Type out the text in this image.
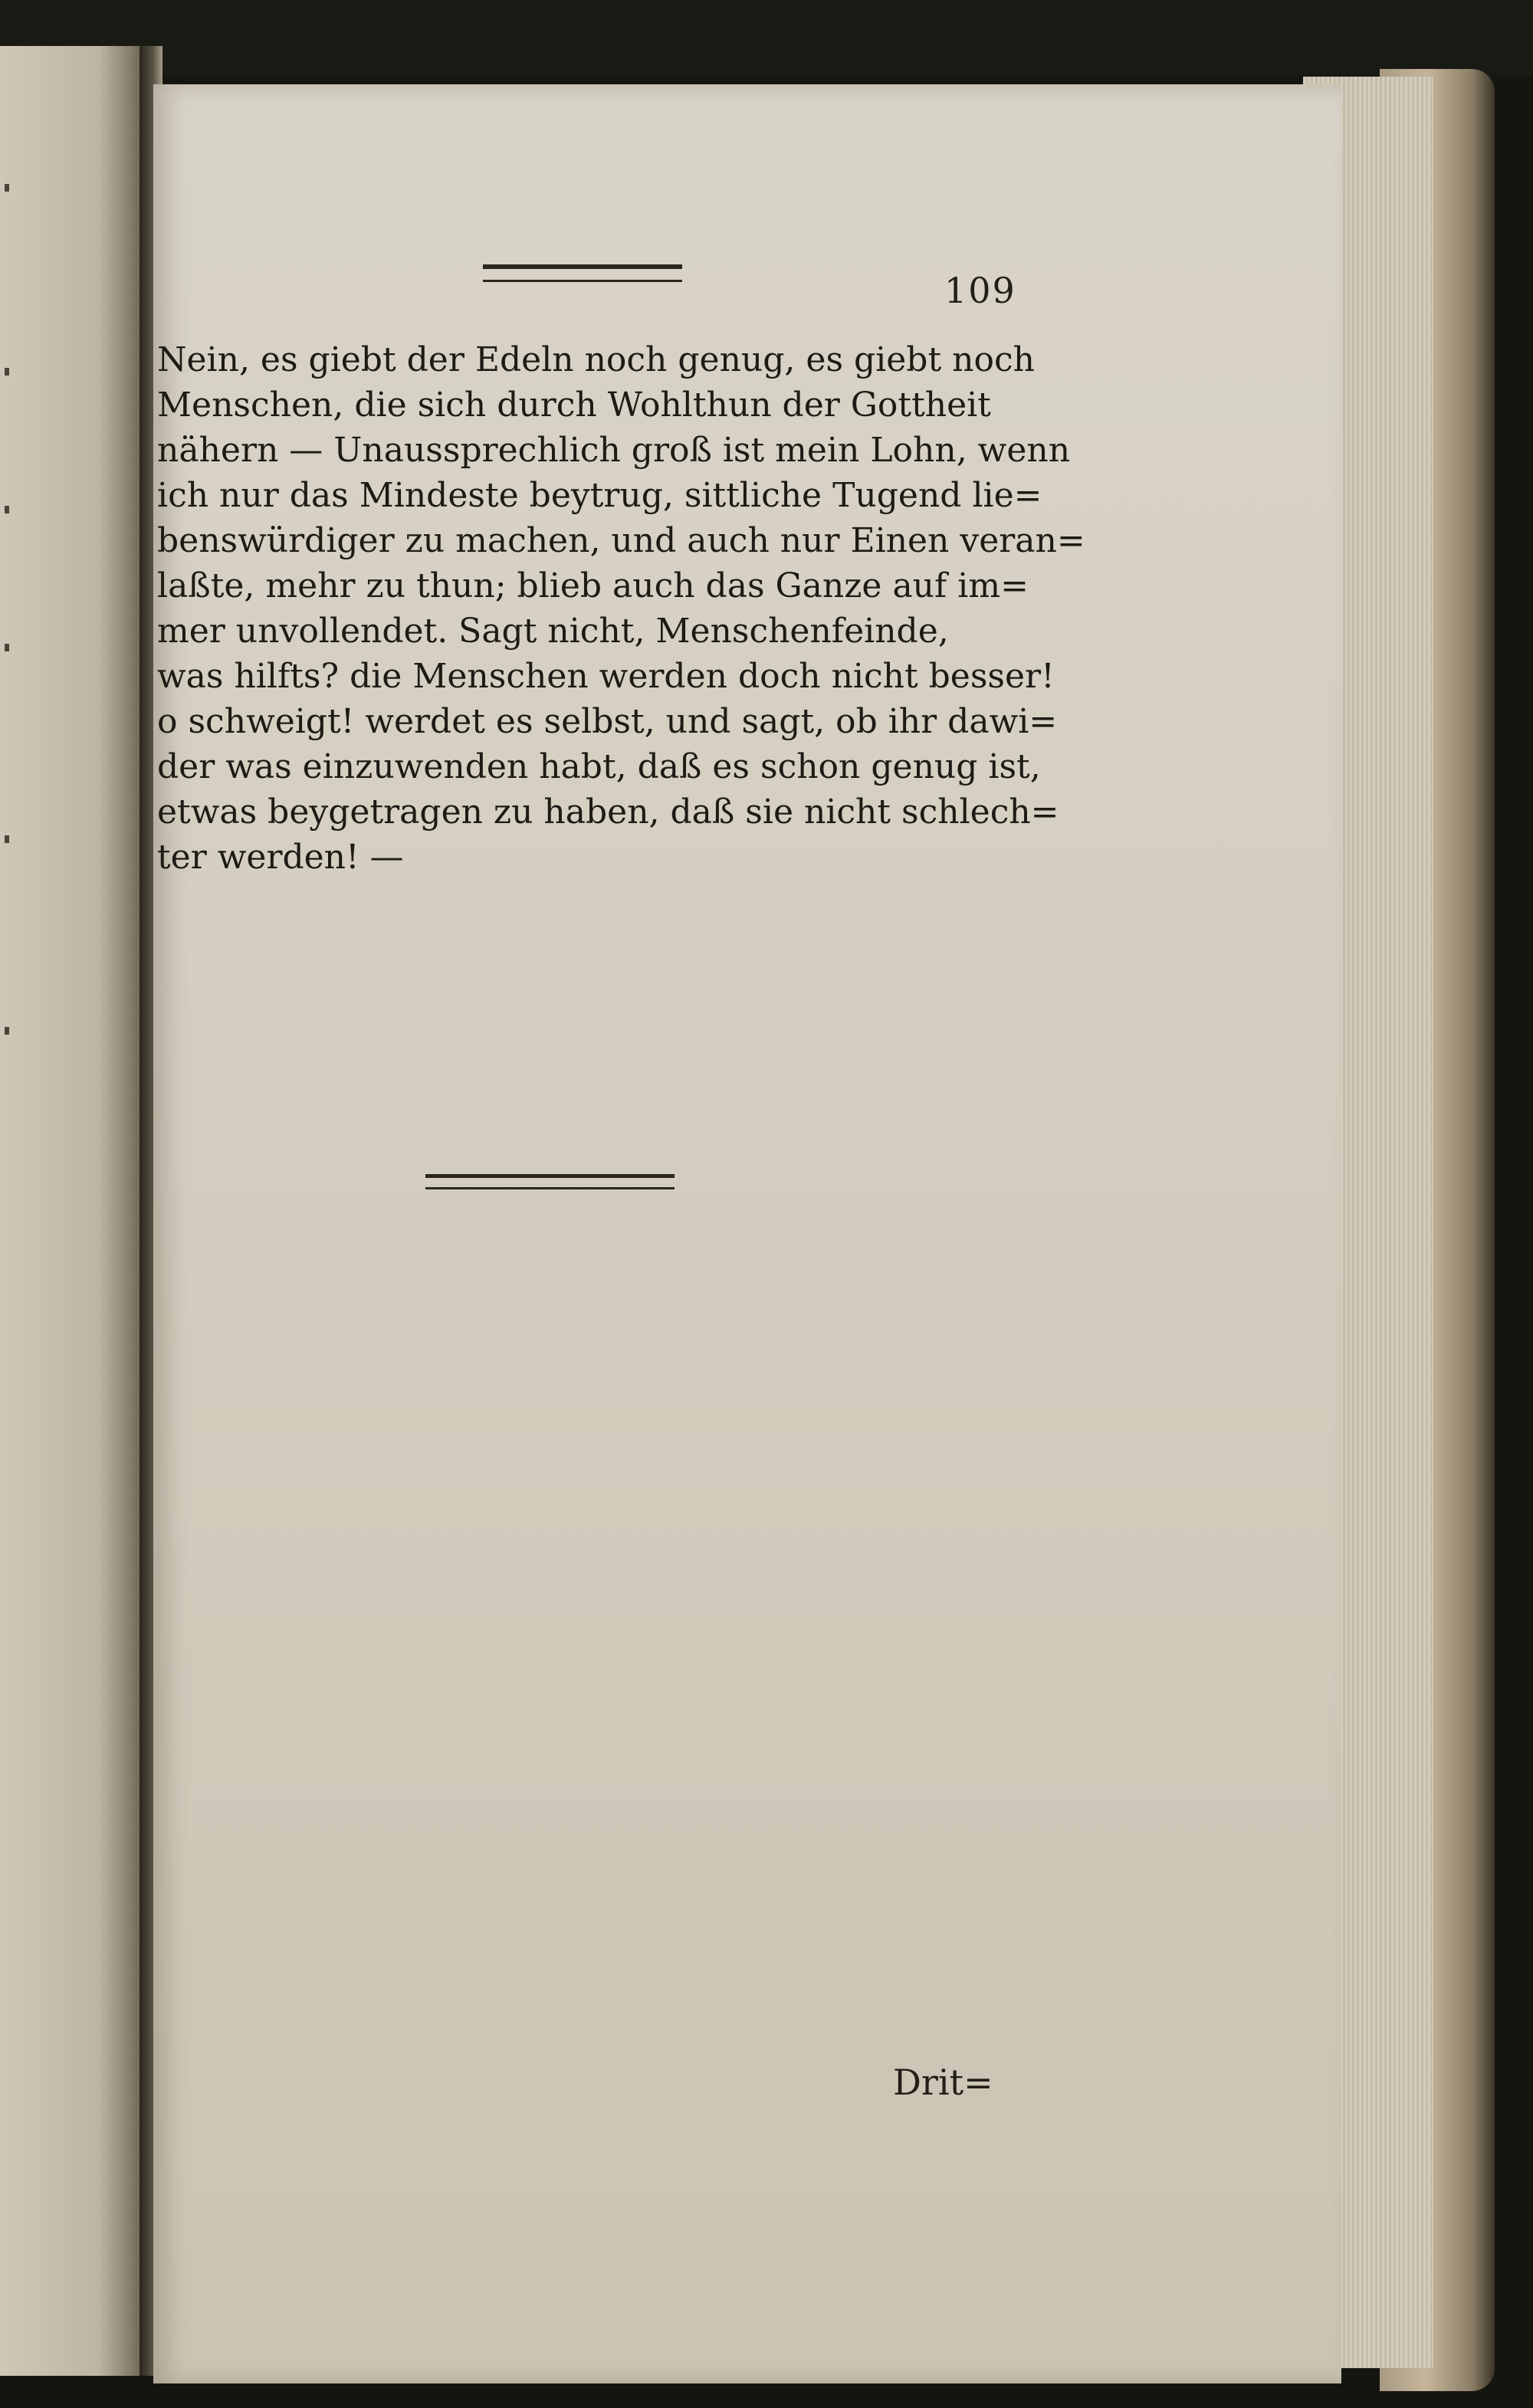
109
Nein, es giebt der Edeln noch genug, es giebt noch
Menschen, die sich durch Wohlthun der Gottheit
nähern — Unaussprechlich groß ist mein Lohn, wenn
ich nur das Mindeste beytrug, sittliche Tugend lie=
benswürdiger zu machen, und auch nur Einen veran=
laßte, mehr zu thun; blieb auch das Ganze auf im=
mer unvollendet. Sagt nicht, Menschenfeinde,
was hilfts? die Menschen werden doch nicht besser!
o schweigt! werdet es selbst, und sagt, ob ihr dawi=
der was einzuwenden habt, daß es schon genug ist,
etwas beygetragen zu haben, daß sie nicht schlech=
ter werden! —
Drit=
